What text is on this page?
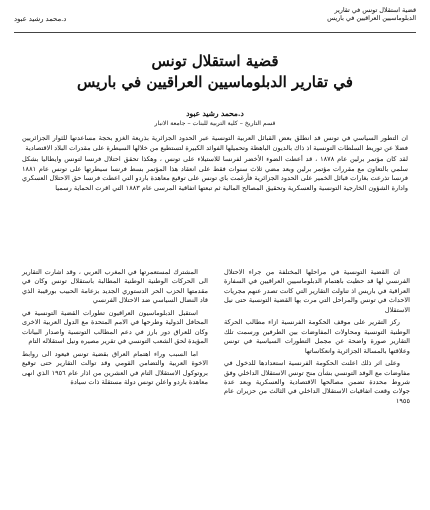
قضية استقلال تونس في تقارير
الدبلوماسيين العراقيين في باريس
د.محمد رشيد عبود
قضية استقلال تونس
في تقارير الدبلوماسيين العراقيين في باريس
د.محمد رشيد عبود
قسم التاريخ – كلية التربية للبنات – جامعة الانبار

ان التطور السياسي في تونس قد انطلق بعض القبائل العربية التونسية عبر الحدود الجزائرية بذريعة الغزو بحجة مساعدتها للثوار الجزائريين فضلا عن توريط السلطات التونسية اذ ذاك بالديون الباهظة وتحميلها الفوائد الكبيرة لتستطيع من خلالها السيطرة على مقدرات البلاد الاقتصادية

لقد كان مؤتمر برلين عام ١٨٧٨ ، قد أعطت الضوء الأخضر لفرنسا للاستيلاء على تونس ، وهكذا تحقق احتلال فرنسا لتونس وايطاليا بشكل سلمي بالتعاون مع مقررات مؤتمر برلين وبعد مضي ثلاث سنوات فقط على انعقاد هذا المؤتمر بسط فرنسا سيطرتها على تونس عام ١٨٨١ فرنسا تذرعت بغارات قبائل الخمير على الحدود الجزائرية فأرغمت باي تونس على توقيع معاهدة باردو التي اعطت فرنسا حق الاحتلال العسكري وادارة الشؤون الخارجية التونسية والعسكرية وتحقيق المصالح المالية ثم تبعتها اتفاقية المرسى عام ١٨٨٣ التي اقرت الحماية رسميا

ان القضية التونسية في مراحلها المختلفة من جراء الاحتلال الفرنسي لها قد حظيت باهتمام الدبلوماسيين العراقيين في السفارة العراقية في باريس اذ تناولت التقارير التي كانت تصدر عنهم مجريات الاحداث في تونس والمراحل التي مرت بها القضية التونسية حتى نيل الاستقلال

ركز التقرير على موقف الحكومة الفرنسية ازاء مطالب الحركة الوطنية التونسية ومحاولات المفاوضات بين الطرفين ورسمت تلك التقارير صورة واضحة عن مجمل التطورات السياسية في تونس وعلاقتها بالمسالة الجزائرية وانعكاساتها

وعلى اثر ذلك اعلنت الحكومة الفرنسية استعدادها للدخول في مفاوضات مع الوفد التونسي بشأن منح تونس الاستقلال الداخلي وفق شروط محددة تضمن مصالحها الاقتصادية والعسكرية وبعد عدة جولات وقعت اتفاقيات الاستقلال الداخلي في الثالث من حزيران عام ١٩٥٥

المشترك لمستعمرتها في المغرب العربي ، وقد اشارت التقارير الى الحركات الوطنية الوطنية المطالبة باستقلال تونس وكان في مقدمتها الحزب الحر الدستوري الجديد بزعامة الحبيب بورقيبة الذي قاد النضال السياسي ضد الاحتلال الفرنسي

استقبل الدبلوماسيون العراقيون تطورات القضية التونسية في المحافل الدولية وطرحها في الامم المتحدة مع الدول العربية الاخرى وكان للعراق دور بارز في دعم المطالب التونسية واصدار البيانات المؤيدة لحق الشعب التونسي في تقرير مصيره ونيل استقلاله التام

اما السبب وراء اهتمام العراق بقضية تونس فيعود الى روابط الاخوة العربية والتضامن القومي وقد توالت التقارير حتى توقيع بروتوكول الاستقلال التام في العشرين من اذار عام ١٩٥٦ الذي انهى معاهدة باردو واعلن تونس دولة مستقلة ذات سيادة
